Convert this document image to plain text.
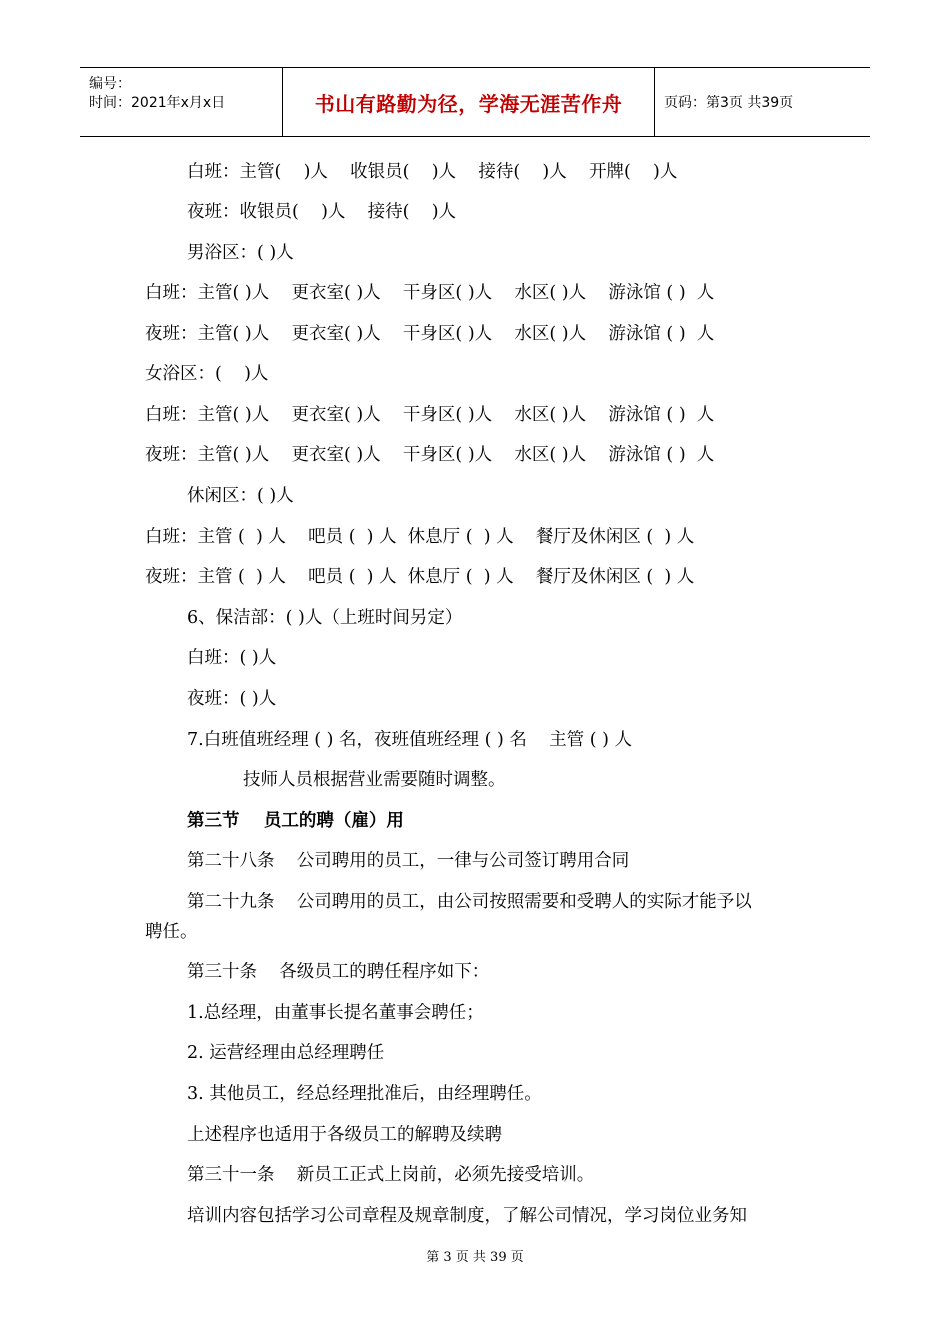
编号：
时间：2021年x月x日	书山有路勤为径，学海无涯苦作舟	页码：第3页 共39页
白班：主管(    )人    收银员(    )人    接待(    )人    开牌(    )人
夜班：收银员(    )人    接待(    )人
男浴区：( )人
白班：主管( )人    更衣室( )人    干身区( )人    水区( )人    游泳馆 ( )  人
夜班：主管( )人    更衣室( )人    干身区( )人    水区( )人    游泳馆 ( )  人
女浴区：(    )人
白班：主管( )人    更衣室( )人    干身区( )人    水区( )人    游泳馆 ( )  人
夜班：主管( )人    更衣室( )人    干身区( )人    水区( )人    游泳馆 ( )  人
休闲区：( )人
白班：主管 (  ) 人    吧员 (  ) 人  休息厅 (  ) 人    餐厅及休闲区 (  ) 人
夜班：主管 (  ) 人    吧员 (  ) 人  休息厅 (  ) 人    餐厅及休闲区 (  ) 人
6、保洁部：( )人（上班时间另定）
白班：( )人
夜班：( )人
7.白班值班经理 ( ) 名，夜班值班经理 ( ) 名    主管 ( ) 人
技师人员根据营业需要随时调整。
第三节    员工的聘（雇）用
第二十八条    公司聘用的员工，一律与公司签订聘用合同
第二十九条    公司聘用的员工，由公司按照需要和受聘人的实际才能予以
聘任。
第三十条    各级员工的聘任程序如下：
1.总经理，由董事长提名董事会聘任；
2. 运营经理由总经理聘任
3. 其他员工，经总经理批准后，由经理聘任。
上述程序也适用于各级员工的解聘及续聘
第三十一条    新员工正式上岗前，必须先接受培训。
培训内容包括学习公司章程及规章制度，了解公司情况，学习岗位业务知
第 3 页 共 39 页
